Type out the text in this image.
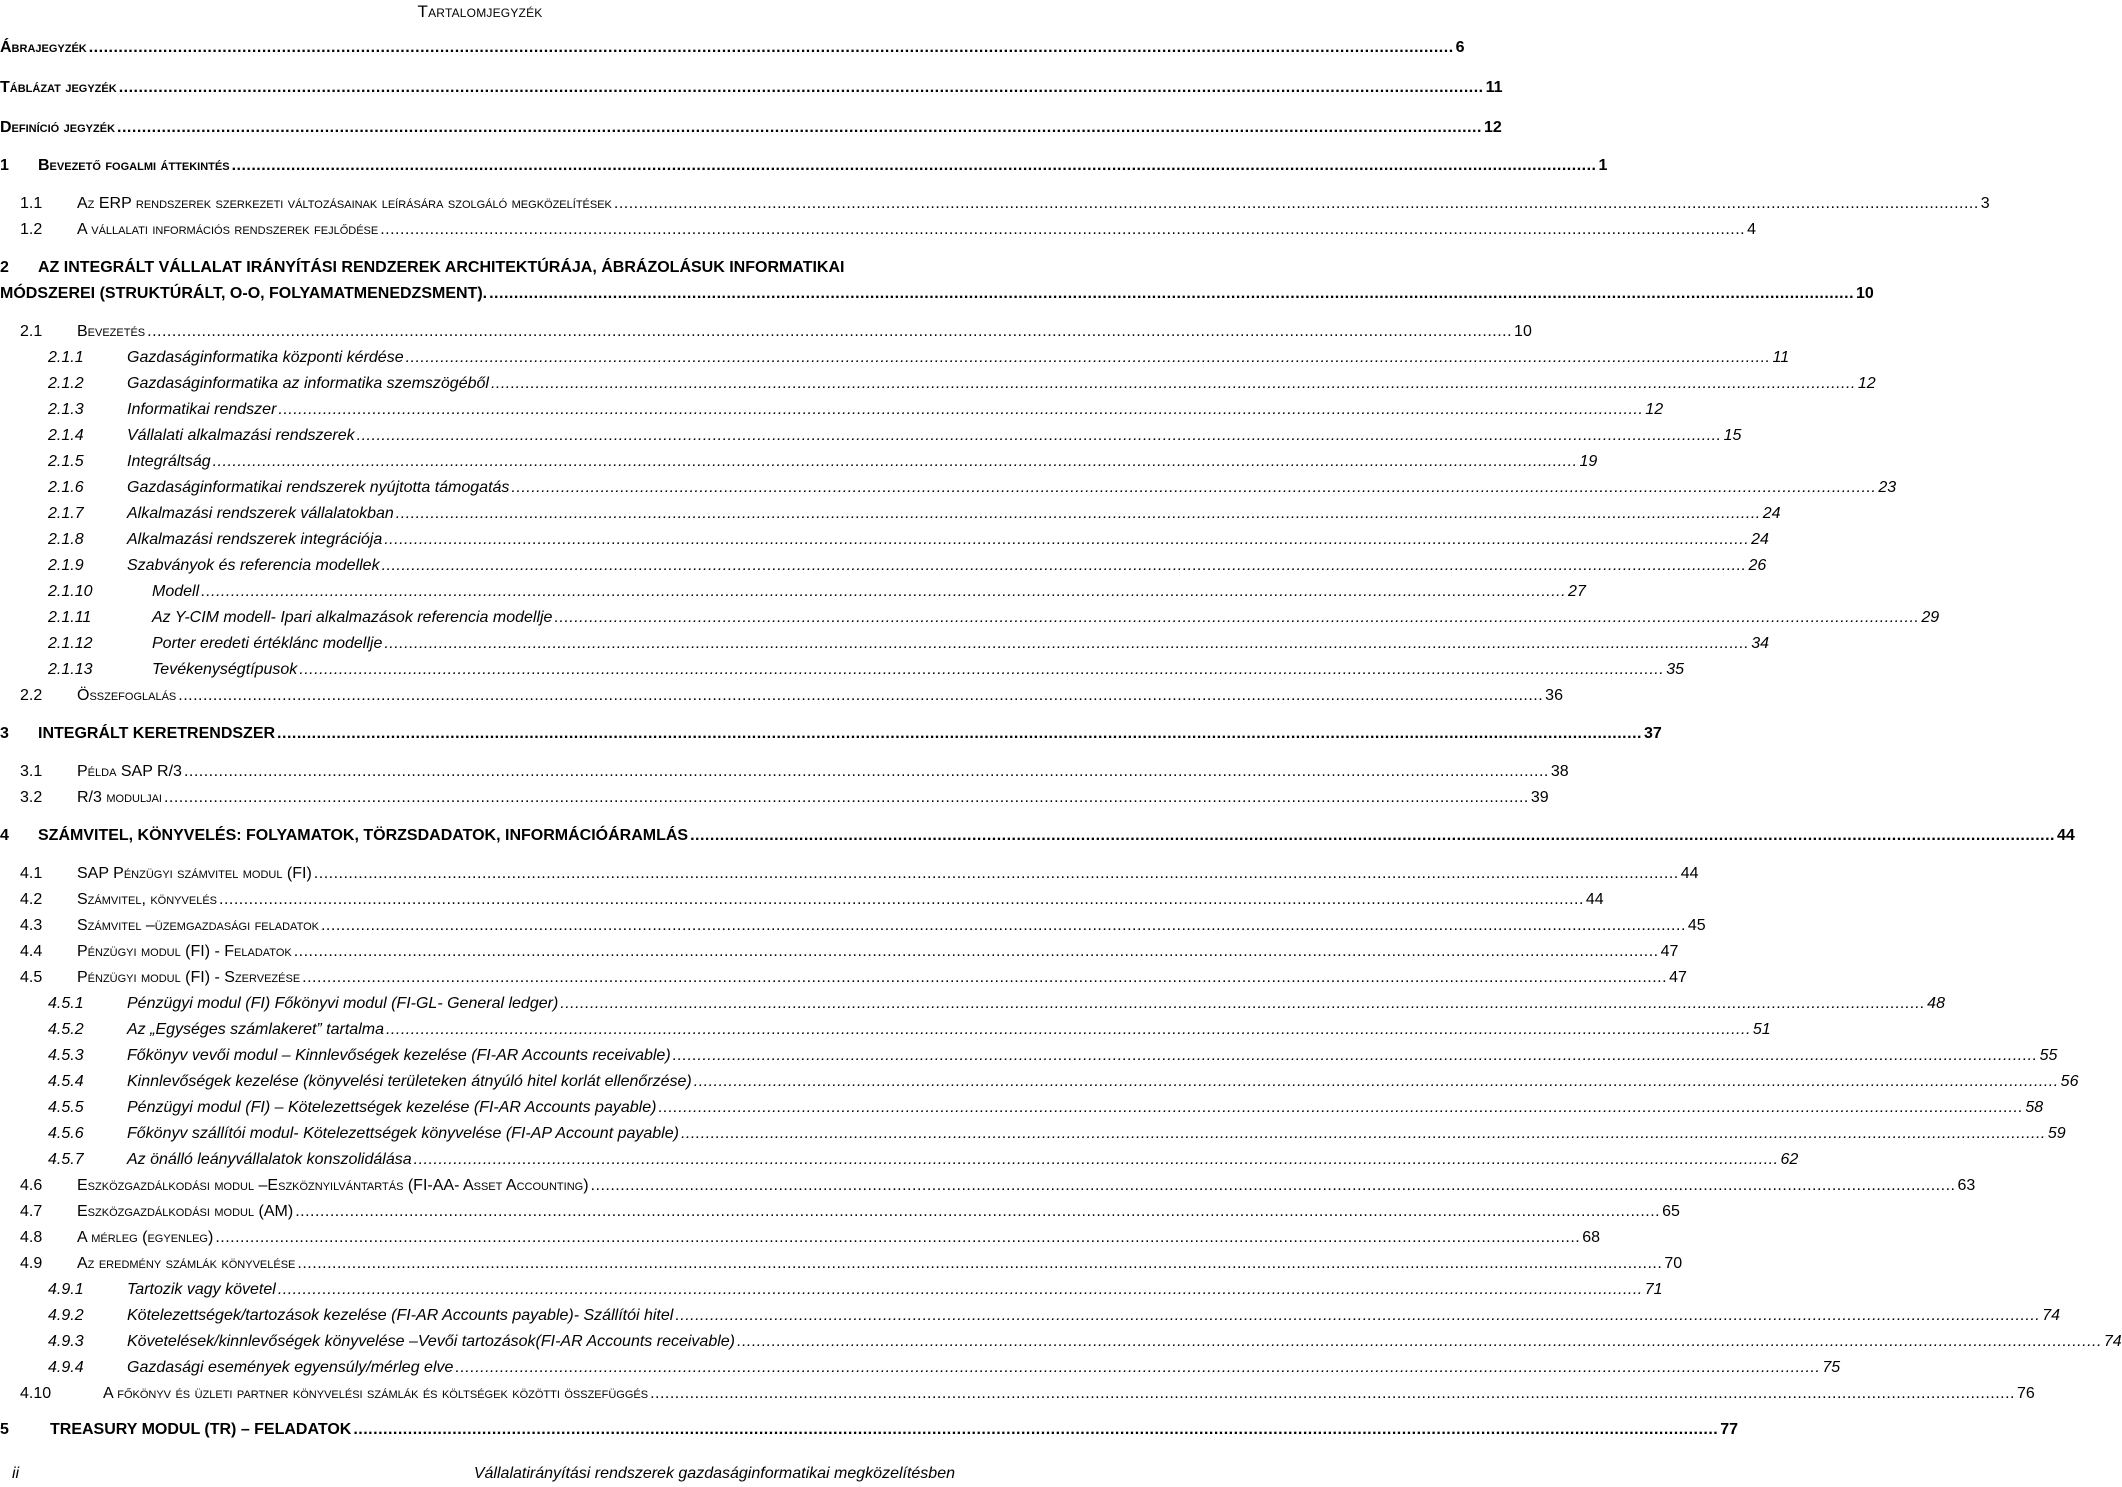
Tartalomjegyzék
Ábrajegyzék .....	6
Táblázat jegyzék .....	11
Definíció jegyzék .....	12
1	Bevezető fogalmi áttekintés .....	1
1.1	Az ERP rendszerek szerkezeti változásainak leírására szolgáló megközelítések .....	3
1.2	A vállalati információs rendszerek fejlődése .....	4
2 AZ INTEGRÁLT VÁLLALAT IRÁNYÍTÁSI RENDZEREK ARCHITEKTÚRÁJA, ÁBRÁZOLÁSUK INFORMATIKAI
MÓDSZEREI (STRUKTÚRÁLT, O-O, FOLYAMATMENEDZSMENT). .....	10
2.1	Bevezetés .....	10
2.1.1	Gazdaságinformatika központi kérdése .....	11
2.1.2	Gazdaságinformatika az informatika szemszögéből .....	12
2.1.3	Informatikai rendszer .....	12
2.1.4	Vállalati alkalmazási rendszerek .....	15
2.1.5	Integráltság .....	19
2.1.6	Gazdaságinformatikai rendszerek nyújtotta támogatás .....	23
2.1.7	Alkalmazási rendszerek vállalatokban .....	24
2.1.8	Alkalmazási rendszerek integrációja .....	24
2.1.9	Szabványok és referencia modellek .....	26
2.1.10	Modell .....	27
2.1.11	Az Y-CIM modell- Ipari alkalmazások referencia modellje .....	29
2.1.12	Porter eredeti értéklánc modellje .....	34
2.1.13	Tevékenységtípusok .....	35
2.2	Összefoglalás .....	36
3	INTEGRÁLT KERETRENDSZER .....	37
3.1	Példa SAP R/3 .....	38
3.2	R/3 moduljai .....	39
4	SZÁMVITEL, KÖNYVELÉS: FOLYAMATOK, TÖRZSDADATOK, INFORMÁCIÓÁRAMLÁS .....	44
4.1	SAP Pénzügyi számvitel modul (FI) .....	44
4.2	Számvitel, könyvelés .....	44
4.3	Számvitel –üzemgazdasági feladatok .....	45
4.4	Pénzügyi modul (FI) - Feladatok .....	47
4.5	Pénzügyi modul (FI) - Szervezése .....	47
4.5.1	Pénzügyi modul (FI) Főkönyvi modul (FI-GL- General ledger) .....	48
4.5.2	Az „Egységes számlakeret” tartalma .....	51
4.5.3	Főkönyv vevői modul – Kinnlevőségek kezelése (FI-AR Accounts receivable) .....	55
4.5.4	Kinnlevőségek kezelése (könyvelési területeken átnyúló hitel korlát ellenőrzése) .....	56
4.5.5	Pénzügyi modul (FI) – Kötelezettségek kezelése (FI-AR Accounts payable) .....	58
4.5.6	Főkönyv szállítói modul- Kötelezettségek könyvelése (FI-AP Account payable) .....	59
4.5.7	Az önálló leányvállalatok konszolidálása .....	62
4.6	Eszközgazdálkodási modul –Eszköznyilvántartás (FI-AA- Asset Accounting) .....	63
4.7	Eszközgazdálkodási modul (AM) .....	65
4.8	A mérleg (egyenleg) .....	68
4.9	Az eredmény számlák könyvelése .....	70
4.9.1	Tartozik vagy követel .....	71
4.9.2	Kötelezettségek/tartozások kezelése (FI-AR Accounts payable)- Szállítói hitel .....	74
4.9.3	Követelések/kinnlevőségek könyvelése –Vevői tartozások(FI-AR Accounts receivable) .....	74
4.9.4	Gazdasági események egyensúly/mérleg elve .....	75
4.10	A főkönyv és üzleti partner könyvelési számlák és költségek közötti összefüggés .....	76
5	TREASURY MODUL (TR) – FELADATOK .....	77
ii	Vállalatirányítási rendszerek gazdaságinformatikai megközelítésben
